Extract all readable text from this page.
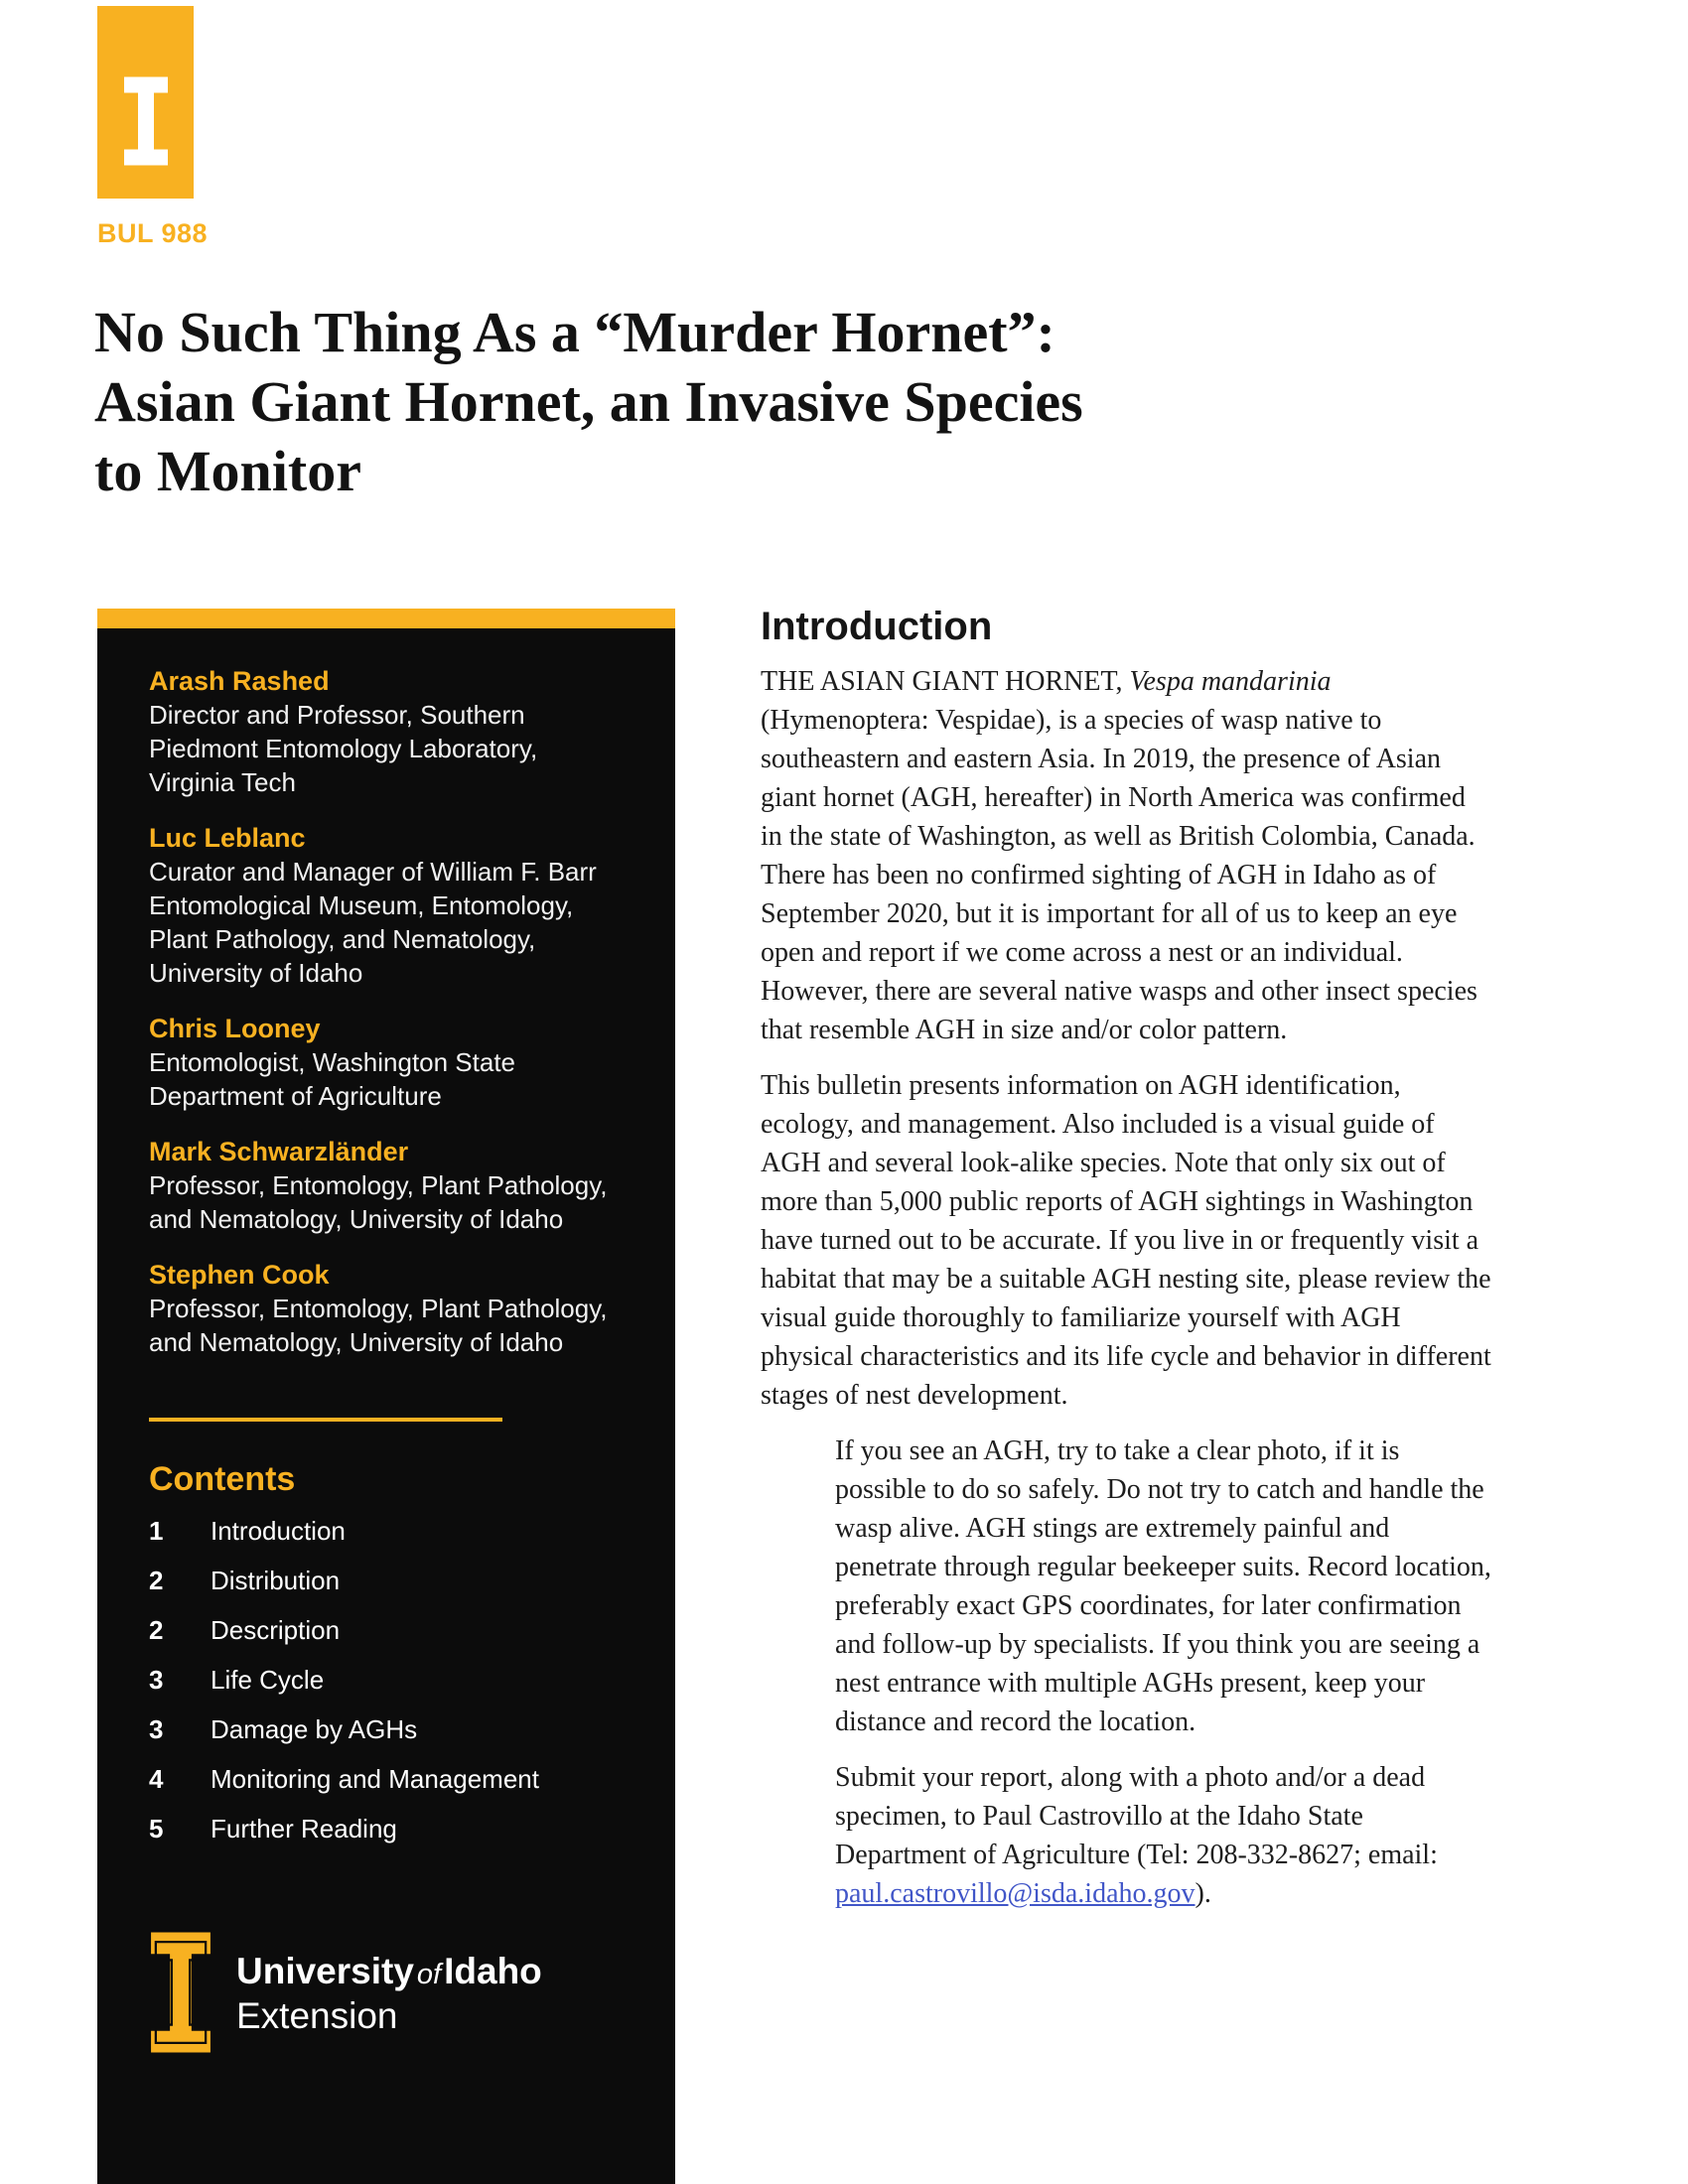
BUL 988
No Such Thing As a “Murder Hornet”:
Asian Giant Hornet, an Invasive Species
to Monitor
Arash Rashed
Director and Professor, Southern Piedmont Entomology Laboratory, Virginia Tech
Luc Leblanc
Curator and Manager of William F. Barr Entomological Museum, Entomology, Plant Pathology, and Nematology, University of Idaho
Chris Looney
Entomologist, Washington State Department of Agriculture
Mark Schwarzländer
Professor, Entomology, Plant Pathology, and Nematology, University of Idaho
Stephen Cook
Professor, Entomology, Plant Pathology, and Nematology, University of Idaho
Contents
1	Introduction
2	Distribution
2	Description
3	Life Cycle
3	Damage by AGHs
4	Monitoring and Management
5	Further Reading
University ofIdaho
Extension
Introduction

THE ASIAN GIANT HORNET, Vespa mandarinia (Hymenoptera: Vespidae), is a species of wasp native to southeastern and eastern Asia. In 2019, the presence of Asian giant hornet (AGH, hereafter) in North America was confirmed in the state of Washington, as well as British Colombia, Canada. There has been no confirmed sighting of AGH in Idaho as of September 2020, but it is important for all of us to keep an eye open and report if we come across a nest or an individual. However, there are several native wasps and other insect species that resemble AGH in size and/or color pattern.

This bulletin presents information on AGH identification, ecology, and management. Also included is a visual guide of AGH and several look-alike species. Note that only six out of more than 5,000 public reports of AGH sightings in Washington have turned out to be accurate. If you live in or frequently visit a habitat that may be a suitable AGH nesting site, please review the visual guide thoroughly to familiarize yourself with AGH physical characteristics and its life cycle and behavior in different stages of nest development.

If you see an AGH, try to take a clear photo, if it is possible to do so safely. Do not try to catch and handle the wasp alive. AGH stings are extremely painful and penetrate through regular beekeeper suits. Record location, preferably exact GPS coordinates, for later confirmation and follow-up by specialists. If you think you are seeing a nest entrance with multiple AGHs present, keep your distance and record the location.

Submit your report, along with a photo and/or a dead specimen, to Paul Castrovillo at the Idaho State Department of Agriculture (Tel: 208-332-8627; email: paul.castrovillo@isda.idaho.gov).
